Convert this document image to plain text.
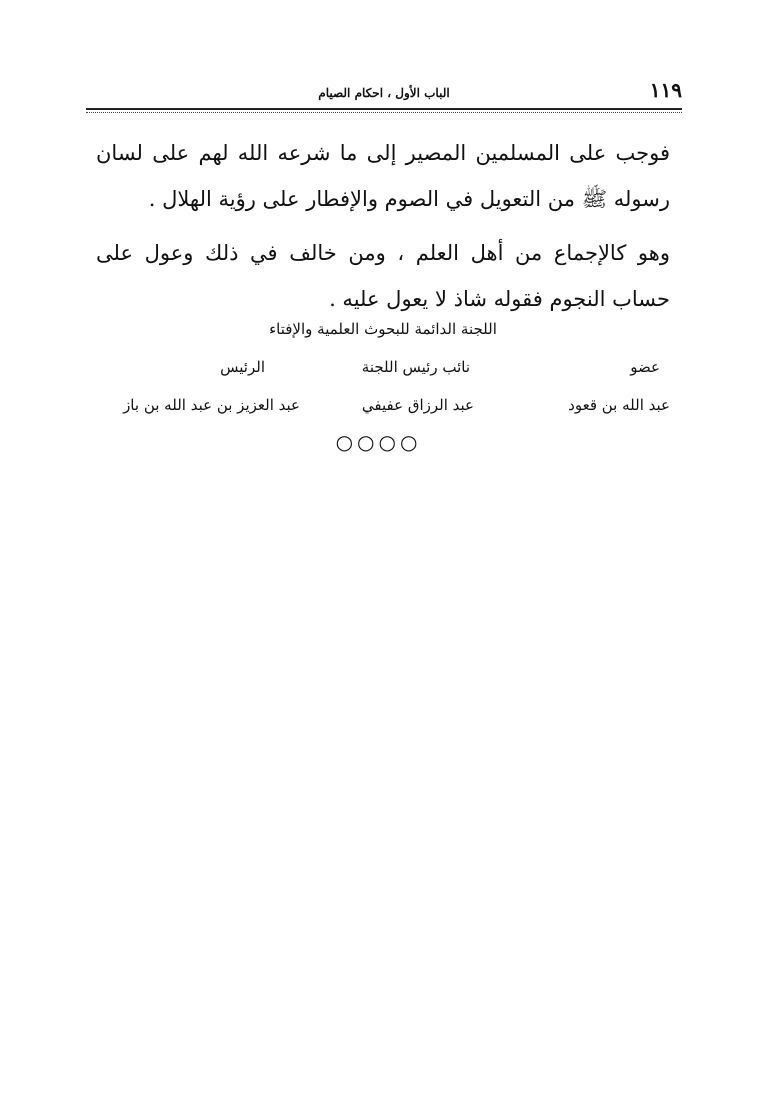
١١٩
الباب الأول ، احكام الصيام
فوجب على المسلمين المصير إلى ما شرعه الله لهم على لسان رسوله ﷺ من التعويل في الصوم والإفطار على رؤية الهلال .
وهو كالإجماع من أهل العلم ، ومن خالف في ذلك وعول على حساب النجوم فقوله شاذ لا يعول عليه .
اللجنة الدائمة للبحوث العلمية والإفتاء
عضو
نائب رئيس اللجنة
الرئيس
عبد الله بن قعود
عبد الرزاق عفيفي
عبد العزيز بن عبد الله بن باز
○○○○
